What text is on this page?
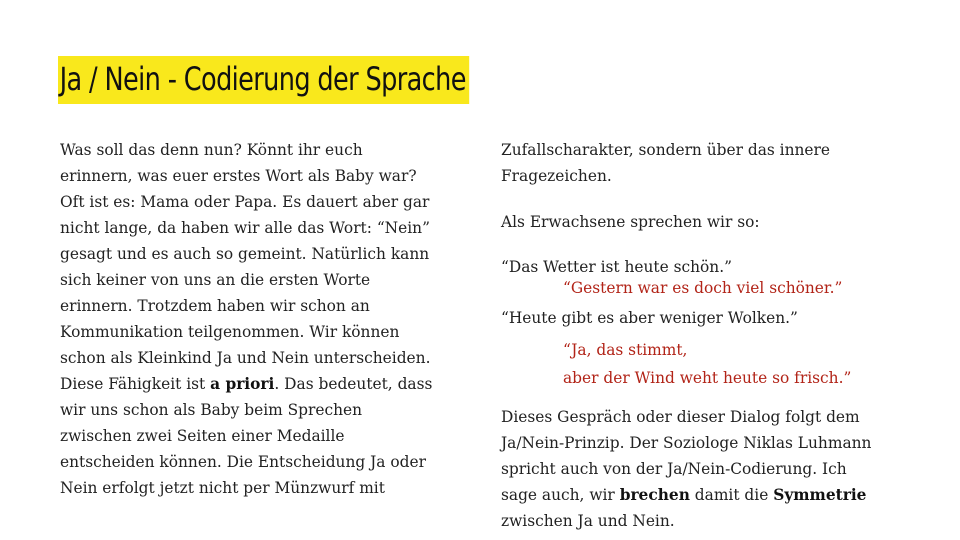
Ja / Nein - Codierung der Sprache

Was soll das denn nun? Könnt ihr euch

erinnern, was euer erstes Wort als Baby war?

Oft ist es: Mama oder Papa. Es dauert aber gar

nicht lange, da haben wir alle das Wort: “Nein”

gesagt und es auch so gemeint. Natürlich kann

sich keiner von uns an die ersten Worte

erinnern. Trotzdem haben wir schon an

Kommunikation teilgenommen. Wir können

schon als Kleinkind Ja und Nein unterscheiden.

Diese Fähigkeit ist a priori. Das bedeutet, dass

wir uns schon als Baby beim Sprechen

zwischen zwei Seiten einer Medaille

entscheiden können. Die Entscheidung Ja oder

Nein erfolgt jetzt nicht per Münzwurf mit

Zufallscharakter, sondern über das innere

Fragezeichen.

Als Erwachsene sprechen wir so:

“Das Wetter ist heute schön.”

“Gestern war es doch viel schöner.”

“Heute gibt es aber weniger Wolken.”

“Ja, das stimmt,

aber der Wind weht heute so frisch.”

Dieses Gespräch oder dieser Dialog folgt dem

Ja/Nein-Prinzip. Der Soziologe Niklas Luhmann

spricht auch von der Ja/Nein-Codierung. Ich

sage auch, wir brechen damit die Symmetrie

zwischen Ja und Nein.
